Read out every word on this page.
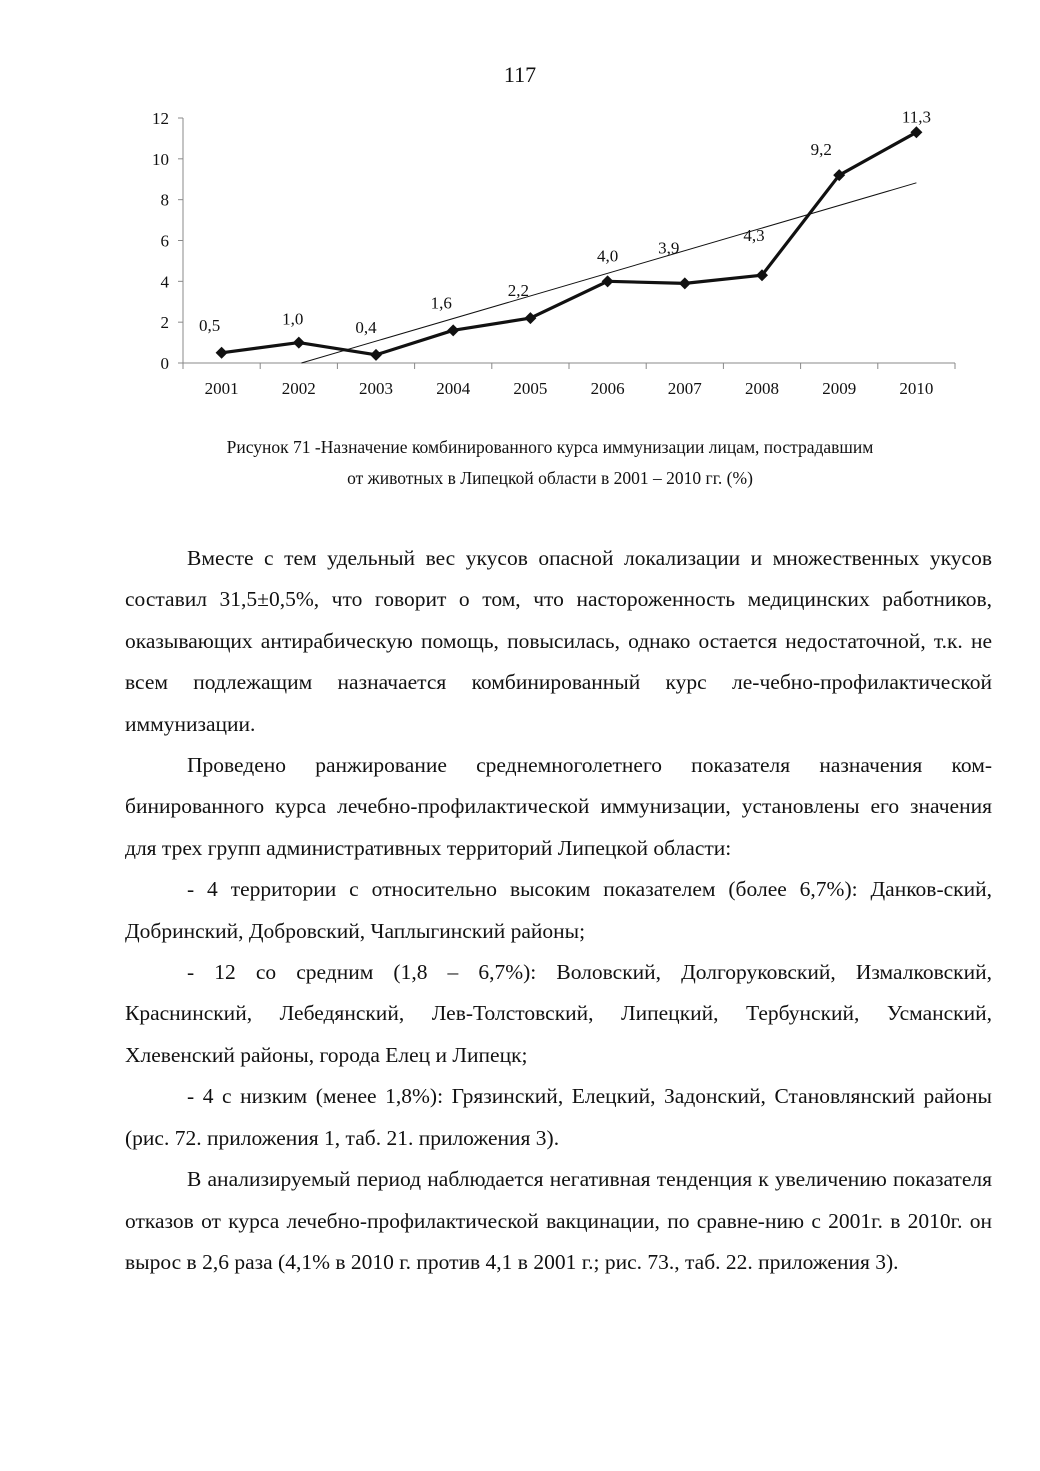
117
0
2
4
6
8
10
12
2001	2002	2003	2004	2005	2006	2007	2008	2009	2010
0,5	1,0	0,4
1,6
2,2
4,0 3,9
4,3
9,2
11,3
Рисунок 71 -Назначение комбинированного курса иммунизации лицам, пострадавшим
от животных в Липецкой области в 2001 – 2010 гг. (%)

Вместе с тем удельный вес укусов опасной локализации и множественных укусов составил 31,5±0,5%, что говорит о том, что настороженность медицинских работников, оказывающих антирабическую помощь, повысилась, однако остается недостаточной, т.к. не всем подлежащим назначается комбинированный курс ле-чебно-профилактической иммунизации.

Проведено ранжирование среднемноголетнего показателя назначения ком-бинированного курса лечебно-профилактической иммунизации, установлены его значения для трех групп административных территорий Липецкой области:

- 4 территории с относительно высоким показателем (более 6,7%): Данков-ский, Добринский, Добровский, Чаплыгинский районы;

- 12 со средним (1,8 – 6,7%): Воловский, Долгоруковский, Измалковский, Краснинский, Лебедянский, Лев-Толстовский, Липецкий, Тербунский, Усманский, Хлевенский районы, города Елец и Липецк;

- 4 с низким (менее 1,8%): Грязинский, Елецкий, Задонский, Становлянский районы (рис. 72. приложения 1, таб. 21. приложения 3).

В анализируемый период наблюдается негативная тенденция к увеличению показателя отказов от курса лечебно-профилактической вакцинации, по сравне-нию с 2001г. в 2010г. он вырос в 2,6 раза (4,1% в 2010 г. против 4,1 в 2001 г.; рис. 73., таб. 22. приложения 3).
